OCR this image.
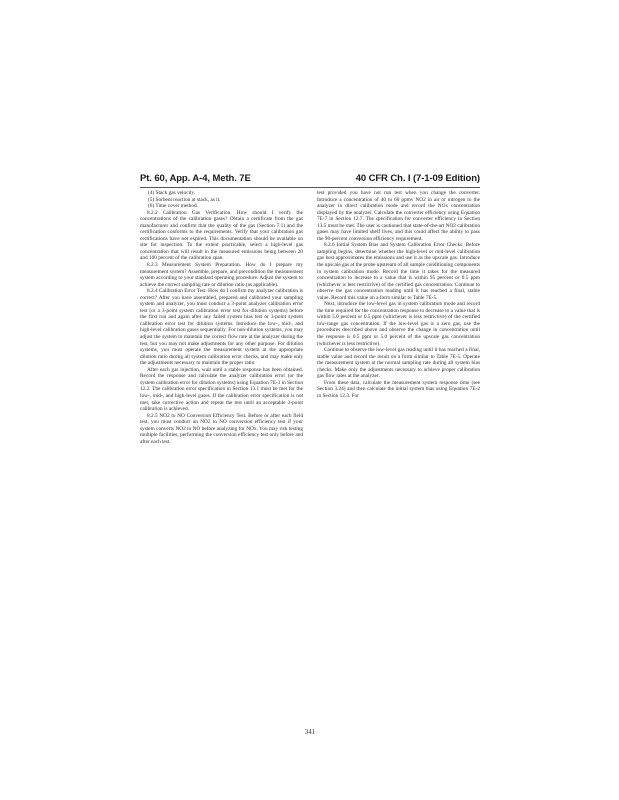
Pt. 60, App. A-4, Meth. 7E	40 CFR Ch. I (7-1-09 Edition)

(4) Stack gas velocity.

(5) Sorbent reaction at stack, as it.

(6) Time cover method.

8.2.2 Calibration Gas Verification. How should I verify the concentrations of the calibration gases? Obtain a certificate from the gas manufacturer and confirm that the quality of the gas (Section 7.1) and the certification conforms to the requirements. Verify that your calibration gas certifications have not expired. This documentation should be available on site for inspection. To the extent practicable, select a high-level gas concentration that will result in the measured emissions being between 20 and 100 percent of the calibration span.

8.2.3 Measurement System Preparation. How do I prepare my measurement system? Assemble, prepare, and precondition the measurement system according to your standard operating procedure. Adjust the system to achieve the correct sampling rate or dilution ratio (as applicable).

8.2.4 Calibration Error Test. How do I confirm my analyzer calibration is correct? After you have assembled, prepared and calibrated your sampling system and analyzer, you must conduct a 3-point analyzer calibration error test (or a 3-point system calibration error test for dilution systems) before the first run and again after any failed system bias test or 3-point system calibration error test for dilution systems. Introduce the low-, mid-, and high-level calibration gases sequentially. For non-dilution systems, you may adjust the system to maintain the correct flow rate at the analyzer during the test, but you may not make adjustments for any other purpose. For dilution systems, you must operate the measurement system at the appropriate dilution ratio during all system calibration error checks, and may make only the adjustments necessary to maintain the proper ratio.

After each gas injection, wait until a stable response has been obtained. Record the response and calculate the analyzer calibration error (or the system calibration error for dilution systems) using Equation 7E-1 in Section 12.2. The calibration error specification in Section 13.1 must be met for the low-, mid-, and high-level gases. If the calibration error specification is not met, take corrective action and repeat the test until an acceptable 3-point calibration is achieved.

8.2.5 NO2 to NO Conversion Efficiency Test. Before or after each field test, you must conduct an NO2 to NO conversion efficiency test if your system converts NO2 to NO before analyzing for NOx. You may risk testing multiple facilities, performing the conversion efficiency test only before and after each test.

test provided you have not run test when you change the converter. Introduce a concentration of 40 to 60 ppmv NO2 in air or nitrogen to the analyzer in direct calibration mode and record the NOx concentration displayed by the analyzer. Calculate the converter efficiency using Equation 7E-7 in Section 12.7. The specification for converter efficiency in Section 13.5 must be met. The user is cautioned that state-of-the-art NO2 calibration gases may have limited shelf lives, and this could affect the ability to pass the 90-percent conversion efficiency requirement.

8.2.6 Initial System Bias and System Calibration Error Checks. Before sampling begins, determine whether the high-level or mid-level calibration gas best approximates the emissions and use it as the upscale gas. Introduce the upscale gas at the probe upstream of all sample conditioning components in system calibration mode. Record the time it takes for the measured concentration to increase to a value that is within 95 percent or 0.5 ppm (whichever is less restrictive) of the certified gas concentration. Continue to observe the gas concentration reading until it has reached a final, stable value. Record this value on a form similar to Table 7E-5.

Next, introduce the low-level gas in system calibration mode and record the time required for the concentration response to decrease to a value that is within 5.0 percent or 0.5 ppm (whichever is less restrictive) of the certified low-range gas concentration. If the low-level gas is a zero gas, use the procedures described above and observe the change in concentration until the response is 0.5 ppm or 5.0 percent of the upscale gas concentration (whichever is less restrictive).

Continue to observe the low-level gas reading until it has reached a final, stable value and record the result on a form similar to Table 7E-5. Operate the measurement system at the normal sampling rate during all system bias checks. Make only the adjustments necessary to achieve proper calibration gas flow rates at the analyzer.

From these data, calculate the measurement system response time (see Section 3.24) and then calculate the initial system bias using Equation 7E-2 in Section 12.3. For

341
